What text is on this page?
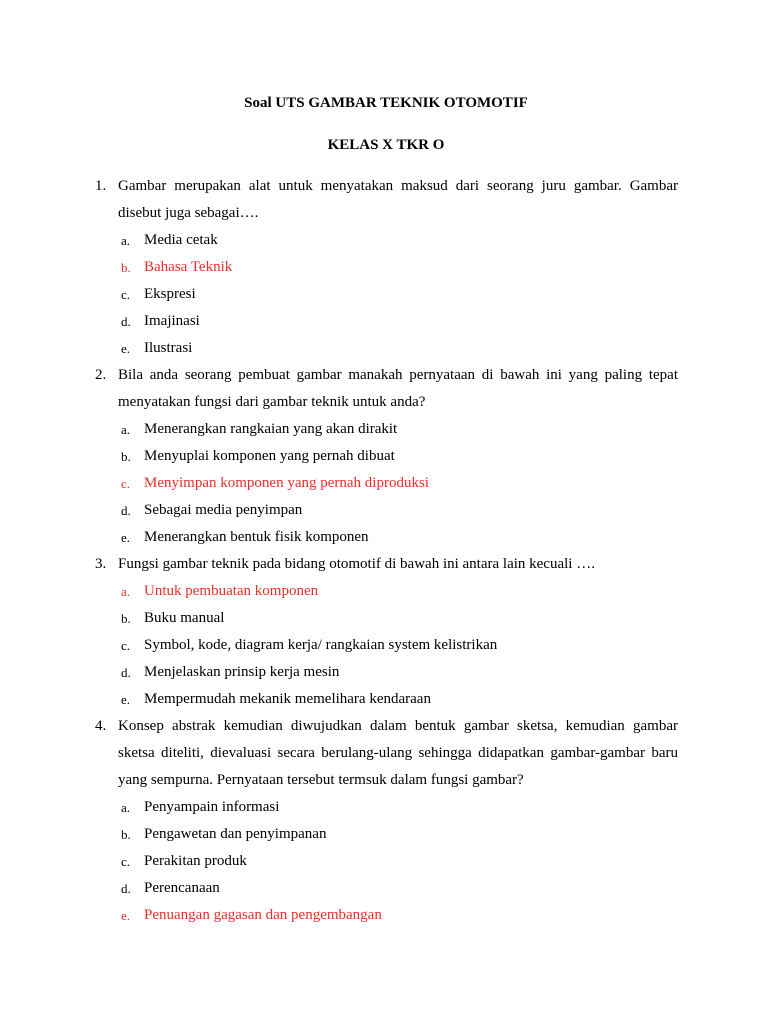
Soal UTS GAMBAR TEKNIK OTOMOTIF
KELAS X TKR O
1. Gambar merupakan alat untuk menyatakan maksud dari seorang juru gambar. Gambar disebut juga sebagai….
a. Media cetak
b. Bahasa Teknik
c. Ekspresi
d. Imajinasi
e. Ilustrasi
2. Bila anda seorang pembuat gambar manakah pernyataan di bawah ini yang paling tepat menyatakan fungsi dari gambar teknik untuk anda?
a. Menerangkan rangkaian yang akan dirakit
b. Menyuplai komponen yang pernah dibuat
c. Menyimpan komponen yang pernah diproduksi
d. Sebagai media penyimpan
e. Menerangkan bentuk fisik komponen
3. Fungsi gambar teknik pada bidang otomotif di bawah ini antara lain kecuali ….
a. Untuk pembuatan komponen
b. Buku manual
c. Symbol, kode, diagram kerja/ rangkaian system kelistrikan
d. Menjelaskan prinsip kerja mesin
e. Mempermudah mekanik memelihara kendaraan
4. Konsep abstrak kemudian diwujudkan dalam bentuk gambar sketsa, kemudian gambar sketsa diteliti, dievaluasi secara berulang-ulang sehingga didapatkan gambar-gambar baru yang sempurna. Pernyataan tersebut termsuk dalam fungsi gambar?
a. Penyampain informasi
b. Pengawetan dan penyimpanan
c. Perakitan produk
d. Perencanaan
e. Penuangan gagasan dan pengembangan
